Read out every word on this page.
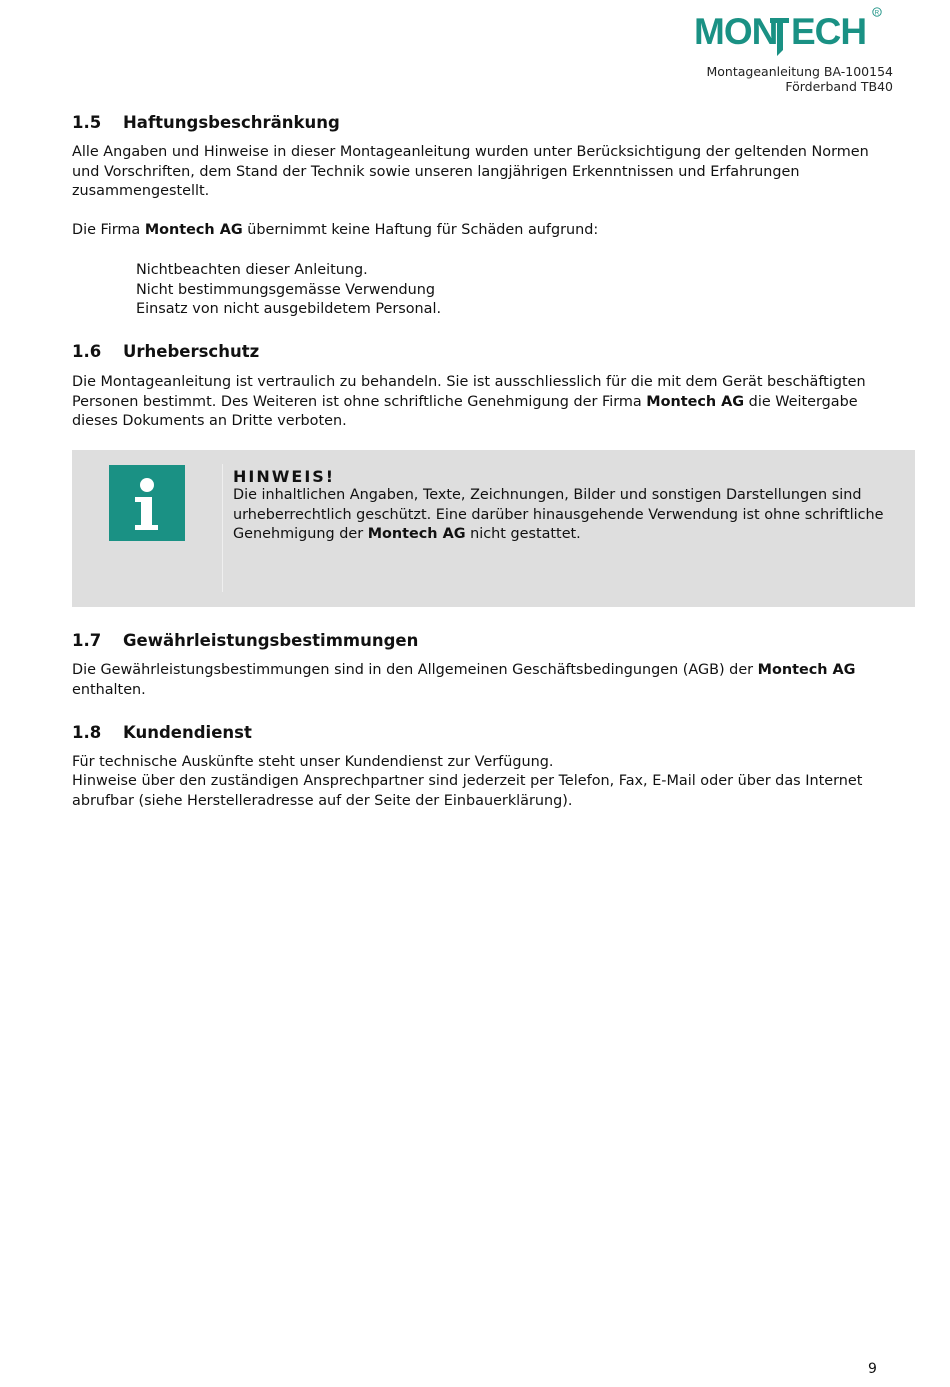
MON ECH R
Montageanleitung BA-100154
Förderband TB40
1.5 Haftungsbeschränkung

Alle Angaben und Hinweise in dieser Montageanleitung wurden unter Berücksichtigung der geltenden Normen und Vorschriften, dem Stand der Technik sowie unseren langjährigen Erkenntnissen und Erfahrungen zusammengestellt.

Die Firma Montech AG übernimmt keine Haftung für Schäden aufgrund:

Nichtbeachten dieser Anleitung.
Nicht bestimmungsgemässe Verwendung
Einsatz von nicht ausgebildetem Personal.
1.6 Urheberschutz

Die Montageanleitung ist vertraulich zu behandeln. Sie ist ausschliesslich für die mit dem Gerät beschäftigten Personen bestimmt. Des Weiteren ist ohne schriftliche Genehmigung der Firma Montech AG die Weitergabe dieses Dokuments an Dritte verboten.

1.7 Gewährleistungsbestimmungen

Die Gewährleistungsbestimmungen sind in den Allgemeinen Geschäftsbedingungen (AGB) der Montech AG enthalten.

1.8 Kundendienst

Für technische Auskünfte steht unser Kundendienst zur Verfügung.

Hinweise über den zuständigen Ansprechpartner sind jederzeit per Telefon, Fax, E-Mail oder über das Internet abrufbar (siehe Herstelleradresse auf der Seite der Einbauerklärung).

HINWEIS!
Die inhaltlichen Angaben, Texte, Zeichnungen, Bilder und sonstigen Darstellungen sind urheberrechtlich geschützt. Eine darüber hinausgehende Verwendung ist ohne schriftliche Genehmigung der Montech AG nicht gestattet.
9
